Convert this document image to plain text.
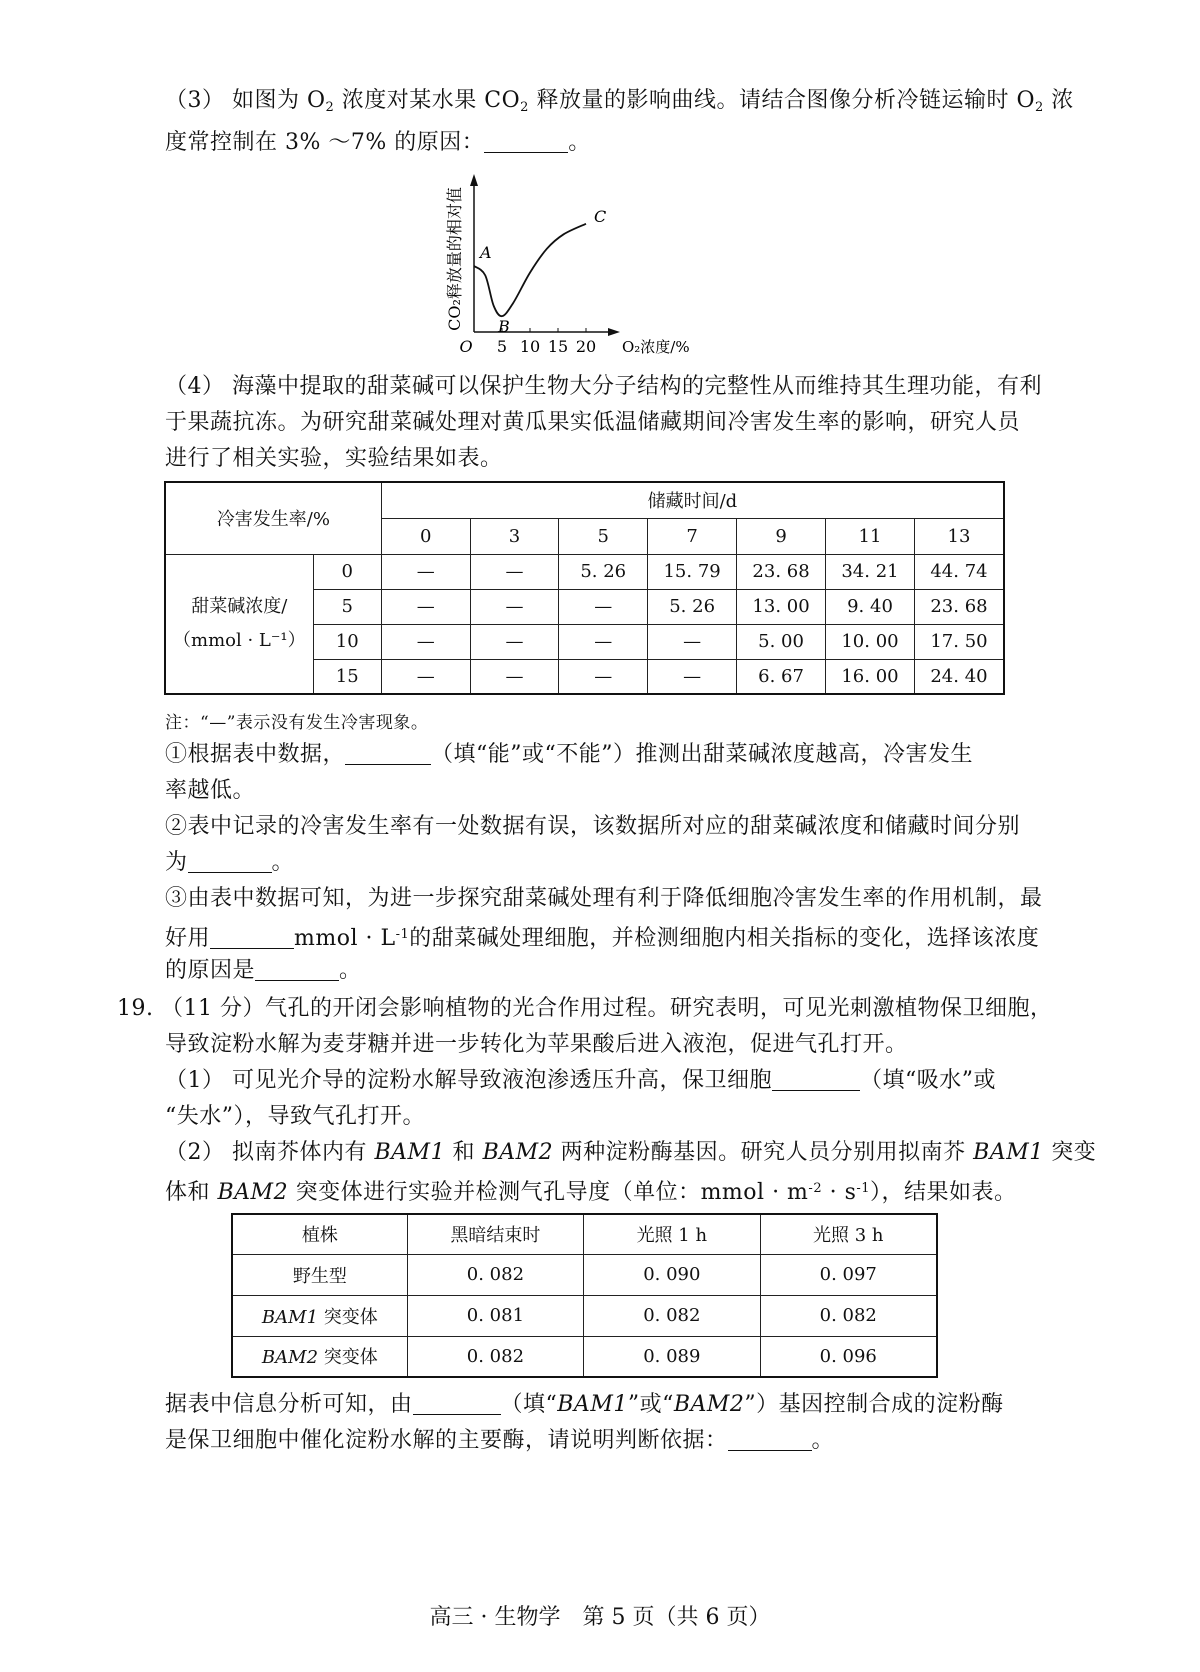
（3） 如图为 $O_2$ 浓度对某水果 $CO_2$ 释放量的影响曲线。请结合图像分析冷链运输时 $O_2$ 浓
度常控制在 3% ～7% 的原因：	。
O 5 10 15 20 O₂浓度/%
CO₂释放量的相对值 A
B
C
（4） 海藻中提取的甜菜碱可以保护生物大分子结构的完整性从而维持其生理功能，有利
于果蔬抗冻。为研究甜菜碱处理对黄瓜果实低温储藏期间冷害发生率的影响，研究人员
进行了相关实验，实验结果如表。
冷害发生率/%		储藏时间/d						
		0	3	5	7	9	11	13
甜菜碱浓度/
（mmol · L⁻¹）	0	—	—	5. 26	15. 79	23. 68	34. 21	44. 74
	5	—	—	—	5. 26	13. 00	9. 40	23. 68
	10	—	—	—	—	5. 00	10. 00	17. 50
	15	—	—	—	—	6. 67	16. 00	24. 40
注：“—”表示没有发生冷害现象。
①根据表中数据，	（填“能”或“不能”）推测出甜菜碱浓度越高，冷害发生
率越低。
②表中记录的冷害发生率有一处数据有误，该数据所对应的甜菜碱浓度和储藏时间分别
为	。
③由表中数据可知，为进一步探究甜菜碱处理有利于降低细胞冷害发生率的作用机制，最
好用	mmol · $L^{-1}$的甜菜碱处理细胞，并检测细胞内相关指标的变化，选择该浓度
的原因是	。
19. （11 分）气孔的开闭会影响植物的光合作用过程。研究表明，可见光刺激植物保卫细胞，
导致淀粉水解为麦芽糖并进一步转化为苹果酸后进入液泡，促进气孔打开。
（1） 可见光介导的淀粉水解导致液泡渗透压升高，保卫细胞	（填“吸水”或
“失水”），导致气孔打开。
（2） 拟南芥体内有 BAM1 和 BAM2 两种淀粉酶基因。研究人员分别用拟南芥 BAM1 突变
体和 BAM2 突变体进行实验并检测气孔导度（单位：mmol · $m^{-2} \cdot s^{-1}$），结果如表。
植株	黑暗结束时	光照 1 h	光照 3 h
野生型	0. 082	0. 090	0. 097
BAM1 突变体	0. 081	0. 082	0. 082
BAM2 突变体	0. 082	0. 089	0. 096
据表中信息分析可知，由	（填“BAM1”或“BAM2”）基因控制合成的淀粉酶
是保卫细胞中催化淀粉水解的主要酶，请说明判断依据：	。
高三 · 生物学　第 5 页（共 6 页）
